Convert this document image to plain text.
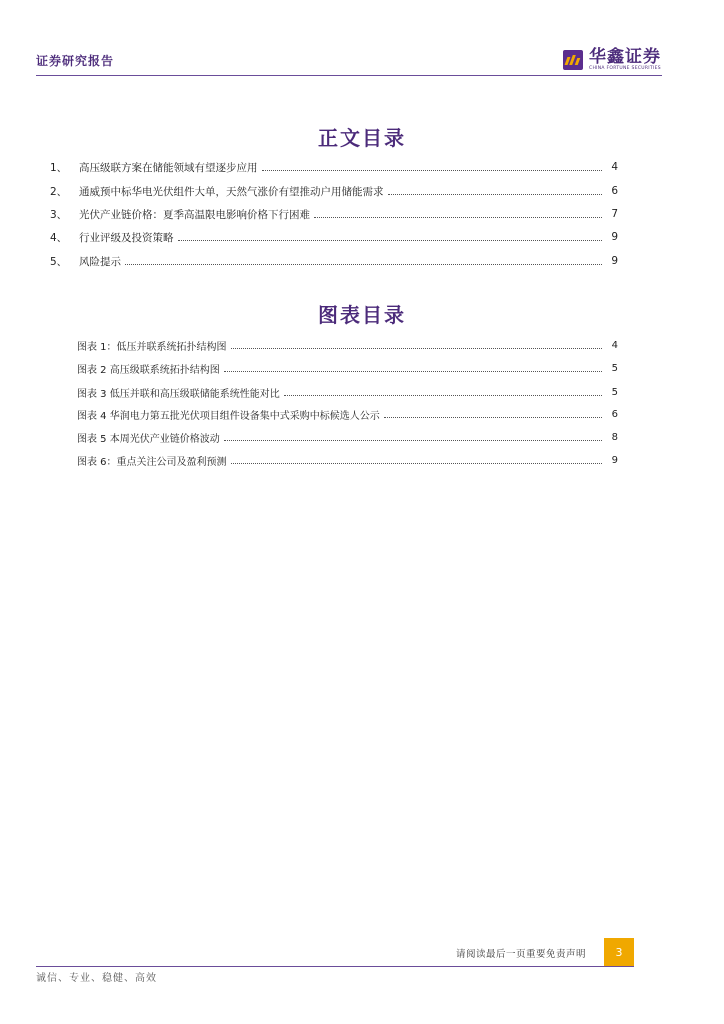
证券研究报告	华鑫证券
CHINA FORTUNE SECURITIES
正文目录
1、	高压级联方案在储能领域有望逐步应用	4
2、	通威预中标华电光伏组件大单，天然气涨价有望推动户用储能需求	6
3、	光伏产业链价格：夏季高温限电影响价格下行困难	7
4、	行业评级及投资策略	9
5、	风险提示	9
图表目录
图表 1：低压并联系统拓扑结构图	4
图表 2 高压级联系统拓扑结构图	5
图表 3 低压并联和高压级联储能系统性能对比	5
图表 4 华润电力第五批光伏项目组件设备集中式采购中标候选人公示	6
图表 5 本周光伏产业链价格波动	8
图表 6：重点关注公司及盈利预测	9
请阅读最后一页重要免责声明	3
诚信、专业、稳健、高效
